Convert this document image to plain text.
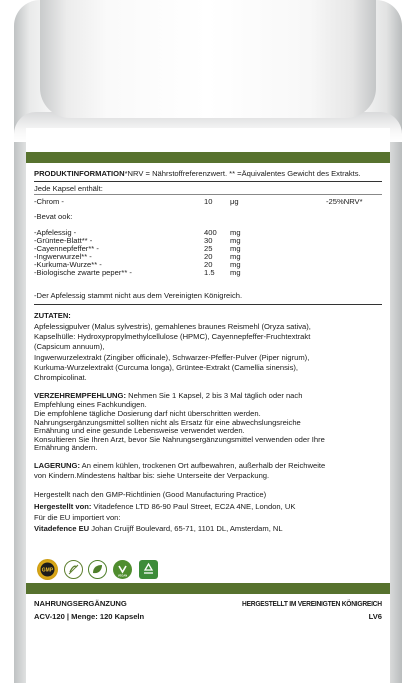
PRODUKTINFORMATION*NRV = Nährstoffreferenzwert. ** =Äquivalentes Gewicht des Extrakts.
Jede Kapsel enthält:
-Chrom -	10 μg	-25%NRV*
-Bevat ook:
-Apfelessig -	400 mg
-Grüntee-Blatt** -	30 mg
-Cayennepfeffer** -	25 mg
-Ingwerwurzel** -	20 mg
-Kurkuma-Wurze** -	20 mg
-Biologische zwarte peper** -	1.5 mg
-Der Apfelessig stammt nicht aus dem Vereinigten Königreich.
ZUTATEN:
Apfelessigpulver (Malus sylvestris), gemahlenes braunes Reismehl (Oryza sativa),
Kapselhülle: Hydroxypropylmethylcellulose (HPMC), Cayennepfeffer-Fruchtextrakt
(Capsicum annuum),
Ingwerwurzelextrakt (Zingiber officinale), Schwarzer-Pfeffer-Pulver (Piper nigrum),
Kurkuma-Wurzelextrakt (Curcuma longa), Grüntee-Extrakt (Camellia sinensis),
Chrompicolinat.
VERZEHREMPFEHLUNG: Nehmen Sie 1 Kapsel, 2 bis 3 Mal täglich oder nach
Empfehlung eines Fachkundigen.
Die empfohlene tägliche Dosierung darf nicht überschritten werden.
Nahrungsergänzungsmittel sollten nicht als Ersatz für eine abwechslungsreiche
Ernährung und eine gesunde Lebensweise verwendet werden.
Konsultieren Sie Ihren Arzt, bevor Sie Nahrungsergänzungsmittel verwenden oder Ihre
Ernährung ändern.
LAGERUNG: An einem kühlen, trockenen Ort aufbewahren, außerhalb der Reichweite
von Kindern.Mindestens haltbar bis: siehe Unterseite der Verpackung.
Hergestellt nach den GMP-Richtlinien (Good Manufacturing Practice)
Hergestellt von: Vitadefence LTD 86-90 Paul Street, EC2A 4NE, London, UK
Für die EU importiert von:
Vitadefence EU Johan Cruijff Boulevard, 65-71, 1101 DL, Amsterdam, NL
GMP
VEGAN
NAHRUNGSERGÄNZUNG	HERGESTELLT IM VEREINIGTEN KÖNIGREICH
ACV-120 | Menge: 120 Kapseln	LV6
